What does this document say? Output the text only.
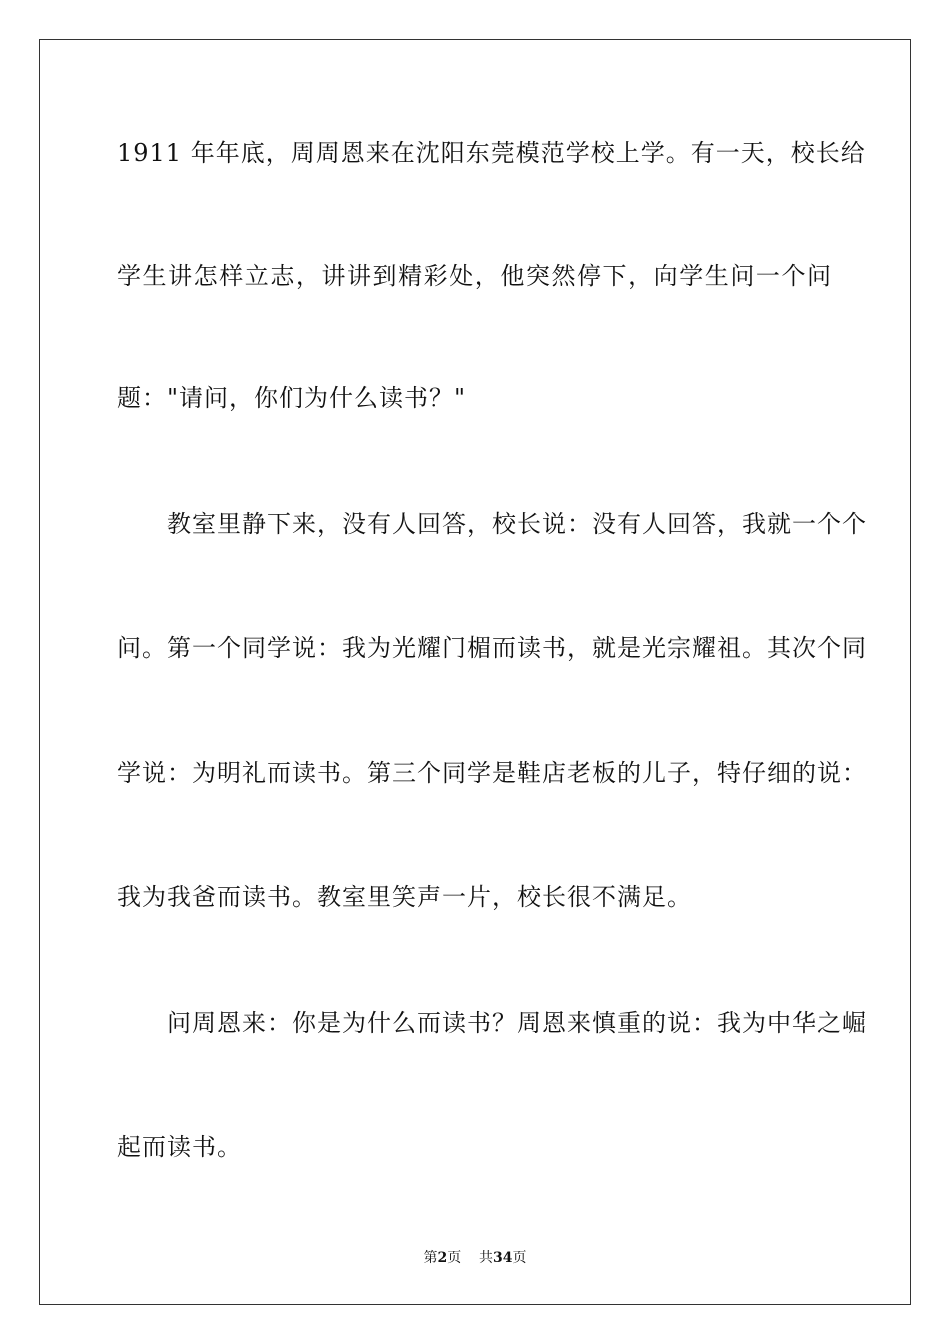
1911 年年底，周周恩来在沈阳东莞模范学校上学。有一天，校长给
学生讲怎样立志，讲讲到精彩处，他突然停下，向学生问一个问
题："请问，你们为什么读书？"
　　教室里静下来，没有人回答，校长说：没有人回答，我就一个个
问。第一个同学说：我为光耀门楣而读书，就是光宗耀祖。其次个同
学说：为明礼而读书。第三个同学是鞋店老板的儿子，特仔细的说：
我为我爸而读书。教室里笑声一片，校长很不满足。
　　问周恩来：你是为什么而读书？周恩来慎重的说：我为中华之崛
起而读书。
第2页 共34页
